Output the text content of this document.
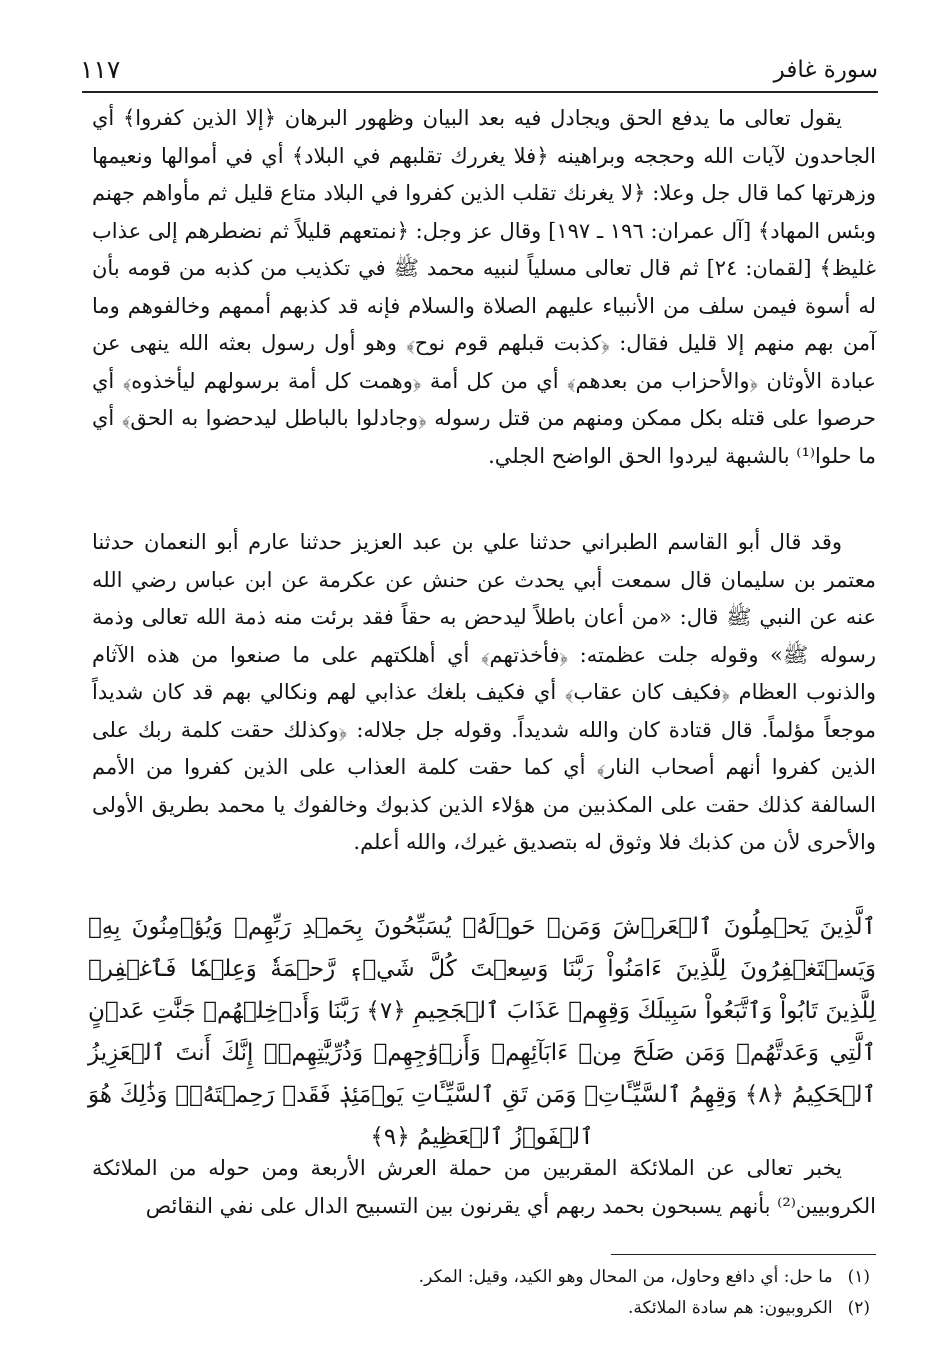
سورة غافر
١١٧

يقول تعالى ما يدفع الحق ويجادل فيه بعد البيان وظهور البرهان ﴿إلا الذين كفروا﴾ أي الجاحدون لآيات الله وحججه وبراهينه ﴿فلا يغررك تقلبهم في البلاد﴾ أي في أموالها ونعيمها وزهرتها كما قال جل وعلا: ﴿لا يغرنك تقلب الذين كفروا في البلاد متاع قليل ثم مأواهم جهنم وبئس المهاد﴾ [آل عمران: ١٩٦ ـ ١٩٧] وقال عز وجل: ﴿نمتعهم قليلاً ثم نضطرهم إلى عذاب غليظ﴾ [لقمان: ٢٤] ثم قال تعالى مسلياً لنبيه محمد ﷺ في تكذيب من كذبه من قومه بأن له أسوة فيمن سلف من الأنبياء عليهم الصلاة والسلام فإنه قد كذبهم أممهم وخالفوهم وما آمن بهم منهم إلا قليل فقال: ﴿كذبت قبلهم قوم نوح﴾ وهو أول رسول بعثه الله ينهى عن عبادة الأوثان ﴿والأحزاب من بعدهم﴾ أي من كل أمة ﴿وهمت كل أمة برسولهم ليأخذوه﴾ أي حرصوا على قتله بكل ممكن ومنهم من قتل رسوله ﴿وجادلوا بالباطل ليدحضوا به الحق﴾ أي ما حلوا⁽¹⁾ بالشبهة ليردوا الحق الواضح الجلي.

وقد قال أبو القاسم الطبراني حدثنا علي بن عبد العزيز حدثنا عارم أبو النعمان حدثنا معتمر بن سليمان قال سمعت أبي يحدث عن حنش عن عكرمة عن ابن عباس رضي الله عنه عن النبي ﷺ قال: «من أعان باطلاً ليدحض به حقاً فقد برئت منه ذمة الله تعالى وذمة رسوله ﷺ» وقوله جلت عظمته: ﴿فأخذتهم﴾ أي أهلكتهم على ما صنعوا من هذه الآثام والذنوب العظام ﴿فكيف كان عقاب﴾ أي فكيف بلغك عذابي لهم ونكالي بهم قد كان شديداً موجعاً مؤلماً. قال قتادة كان والله شديداً. وقوله جل جلاله: ﴿وكذلك حقت كلمة ربك على الذين كفروا أنهم أصحاب النار﴾ أي كما حقت كلمة العذاب على الذين كفروا من الأمم السالفة كذلك حقت على المكذبين من هؤلاء الذين كذبوك وخالفوك يا محمد بطريق الأولى والأحرى لأن من كذبك فلا وثوق له بتصديق غيرك، والله أعلم.

ٱلَّذِينَ يَحۡمِلُونَ ٱلۡعَرۡشَ وَمَنۡ حَوۡلَهُۥ يُسَبِّحُونَ بِحَمۡدِ رَبِّهِمۡ وَيُؤۡمِنُونَ بِهِۦ وَيَسۡتَغۡفِرُونَ لِلَّذِينَ ءَامَنُواْ رَبَّنَا وَسِعۡتَ كُلَّ شَيۡءٖ رَّحۡمَةٗ وَعِلۡمٗا فَٱغۡفِرۡ لِلَّذِينَ تَابُواْ وَٱتَّبَعُواْ سَبِيلَكَ وَقِهِمۡ عَذَابَ ٱلۡجَحِيمِ ﴿٧﴾ رَبَّنَا وَأَدۡخِلۡهُمۡ جَنَّٰتِ عَدۡنٍ ٱلَّتِي وَعَدتَّهُمۡ وَمَن صَلَحَ مِنۡ ءَابَآئِهِمۡ وَأَزۡوَٰجِهِمۡ وَذُرِّيَّٰتِهِمۡۚ إِنَّكَ أَنتَ ٱلۡعَزِيزُ ٱلۡحَكِيمُ ﴿٨﴾ وَقِهِمُ ٱلسَّيِّـَٔاتِۚ وَمَن تَقِ ٱلسَّيِّـَٔاتِ يَوۡمَئِذٖ فَقَدۡ رَحِمۡتَهُۥۚ وَذَٰلِكَ هُوَ ٱلۡفَوۡزُ ٱلۡعَظِيمُ ﴿٩﴾

يخبر تعالى عن الملائكة المقربين من حملة العرش الأربعة ومن حوله من الملائكة الكروبيين⁽²⁾ بأنهم يسبحون بحمد ربهم أي يقرنون بين التسبيح الدال على نفي النقائص

(١) ما حل: أي دافع وحاول، من المحال وهو الكيد، وقيل: المكر.
(٢) الكروبيون: هم سادة الملائكة.
